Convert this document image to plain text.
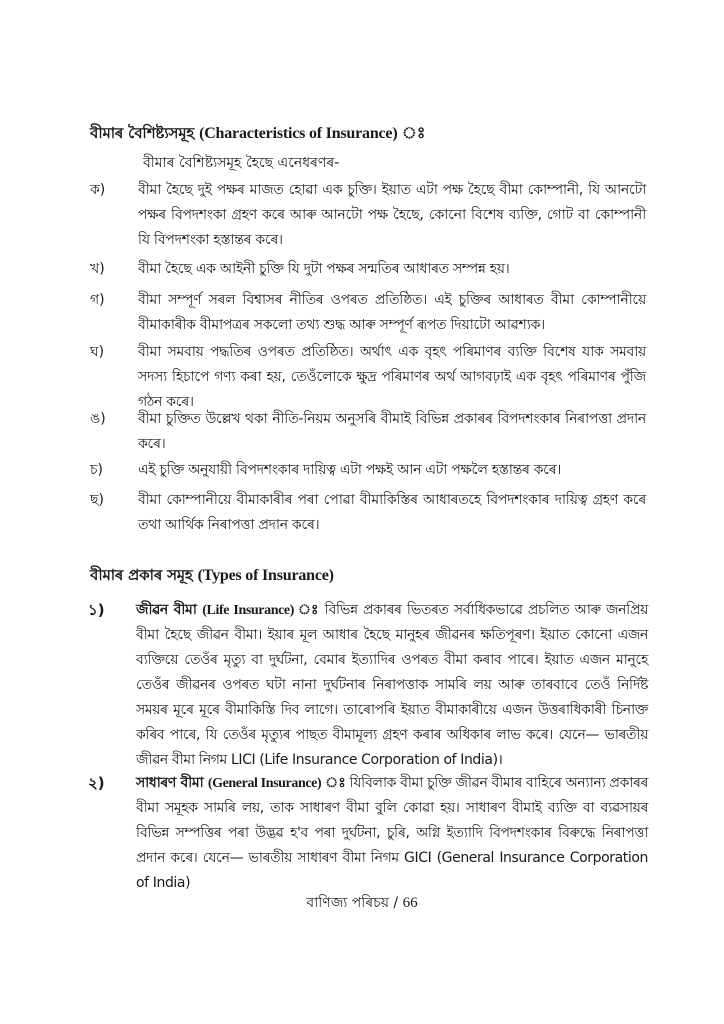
বীমাৰ বৈশিষ্ট্যসমূহ (Characteristics of Insurance) ঃ
বীমাৰ বৈশিষ্ট্যসমূহ হৈছে এনেধৰণৰ-
ক)	বীমা হৈছে দুই পক্ষৰ মাজত হোৱা এক চুক্তি। ইয়াত এটা পক্ষ হৈছে বীমা কোম্পানী, যি আনটো পক্ষৰ বিপদশংকা গ্রহণ কৰে আৰু আনটো পক্ষ হৈছে, কোনো বিশেষ ব্যক্তি, গোট বা কোম্পানী যি বিপদশংকা হস্তান্তৰ কৰে।
খ)	বীমা হৈছে এক আইনী চুক্তি যি দুটা পক্ষৰ সন্মতিৰ আধাৰত সম্পন্ন হয়।
গ)	বীমা সম্পূৰ্ণ সৰল বিশ্বাসৰ নীতিৰ ওপৰত প্ৰতিষ্ঠিত। এই চুক্তিৰ আধাৰত বীমা কোম্পানীয়ে বীমাকাৰীক বীমাপত্ৰৰ সকলো তথ্য শুদ্ধ আৰু সম্পূৰ্ণ ৰূপত দিয়াটো আৱশ্যক।
ঘ)	বীমা সমবায় পদ্ধতিৰ ওপৰত প্ৰতিষ্ঠিত। অৰ্থাৎ এক বৃহৎ পৰিমাণৰ ব্যক্তি বিশেষ যাক সমবায় সদস্য হিচাপে গণ্য কৰা হয়, তেওঁলোকে ক্ষুদ্ৰ পৰিমাণৰ অৰ্থ আগবঢ়াই এক বৃহৎ পৰিমাণৰ পুঁজি গঠন কৰে।
ঙ)	বীমা চুক্তিত উল্লেখ থকা নীতি-নিয়ম অনুসৰি বীমাই বিভিন্ন প্ৰকাৰৰ বিপদশংকাৰ নিৰাপত্তা প্ৰদান কৰে।
চ)	এই চুক্তি অনুযায়ী বিপদশংকাৰ দায়িত্ব এটা পক্ষই আন এটা পক্ষলৈ হস্তান্তৰ কৰে।
ছ)	বীমা কোম্পানীয়ে বীমাকাৰীৰ পৰা পোৱা বীমাকিস্তিৰ আধাৰতহে বিপদশংকাৰ দায়িত্ব গ্ৰহণ কৰে তথা আৰ্থিক নিৰাপত্তা প্ৰদান কৰে।
বীমাৰ প্ৰকাৰ সমূহ (Types of Insurance)
১)	জীৱন বীমা (Life Insurance) ঃ বিভিন্ন প্ৰকাৰৰ ভিতৰত সৰ্বাধিকভাৱে প্ৰচলিত আৰু জনপ্ৰিয় বীমা হৈছে জীৱন বীমা। ইয়াৰ মূল আধাৰ হৈছে মানুহৰ জীৱনৰ ক্ষতিপূৰণ। ইয়াত কোনো এজন ব্যক্তিয়ে তেওঁৰ মৃত্যু বা দুৰ্ঘটনা, বেমাৰ ইত্যাদিৰ ওপৰত বীমা কৰাব পাৰে। ইয়াত এজন মানুহে তেওঁৰ জীৱনৰ ওপৰত ঘটা নানা দুৰ্ঘটনাৰ নিৰাপত্তাক সামৰি লয় আৰু তাৰবাবে তেওঁ নিৰ্দিষ্ট সময়ৰ মূৰে মূৰে বীমাকিস্তি দিব লাগে। তাৰোপৰি ইয়াত বীমাকাৰীয়ে এজন উত্তৰাধিকাৰী চিনাক্ত কৰিব পাৰে, যি তেওঁৰ মৃত্যুৰ পাছত বীমামূল্য গ্ৰহণ কৰাৰ অধিকাৰ লাভ কৰে। যেনে— ভাৰতীয় জীৱন বীমা নিগম LICI (Life Insurance Corporation of India)।
২)	সাধাৰণ বীমা (General Insurance) ঃ যিবিলাক বীমা চুক্তি জীৱন বীমাৰ বাহিৰে অন্যান্য প্ৰকাৰৰ বীমা সমূহক সামৰি লয়, তাক সাধাৰণ বীমা বুলি কোৱা হয়। সাধাৰণ বীমাই ব্যক্তি বা ব্যৱসায়ৰ বিভিন্ন সম্পত্তিৰ পৰা উদ্ভৱ হ'ব পৰা দুৰ্ঘটনা, চুৰি, অগ্নি ইত্যাদি বিপদশংকাৰ বিৰুদ্ধে নিৰাপত্তা প্ৰদান কৰে। যেনে— ভাৰতীয় সাধাৰণ বীমা নিগম GICI (General Insurance Corporation of India)
বাণিজ্য পৰিচয় / 66
